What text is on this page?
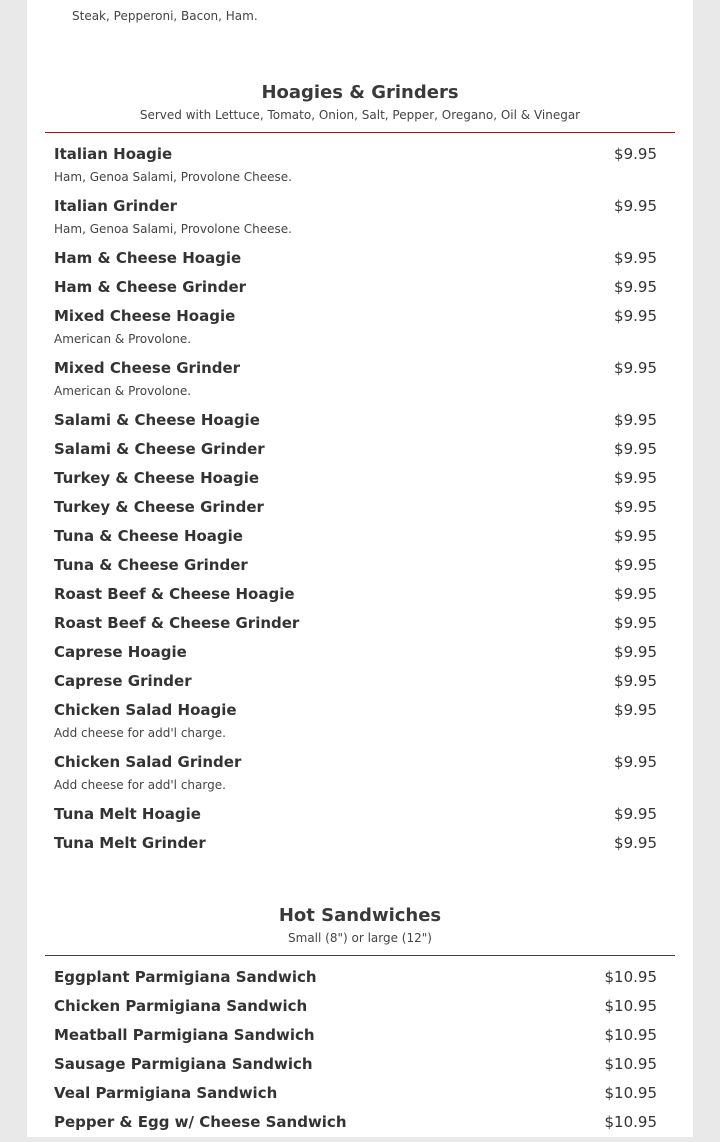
Steak, Pepperoni, Bacon, Ham.
Hoagies & Grinders
Served with Lettuce, Tomato, Onion, Salt, Pepper, Oregano, Oil & Vinegar
Italian Hoagie	$9.95
Ham, Genoa Salami, Provolone Cheese.
Italian Grinder	$9.95
Ham, Genoa Salami, Provolone Cheese.
Ham & Cheese Hoagie	$9.95
Ham & Cheese Grinder	$9.95
Mixed Cheese Hoagie	$9.95
American & Provolone.
Mixed Cheese Grinder	$9.95
American & Provolone.
Salami & Cheese Hoagie	$9.95
Salami & Cheese Grinder	$9.95
Turkey & Cheese Hoagie	$9.95
Turkey & Cheese Grinder	$9.95
Tuna & Cheese Hoagie	$9.95
Tuna & Cheese Grinder	$9.95
Roast Beef & Cheese Hoagie	$9.95
Roast Beef & Cheese Grinder	$9.95
Caprese Hoagie	$9.95
Caprese Grinder	$9.95
Chicken Salad Hoagie	$9.95
Add cheese for add'l charge.
Chicken Salad Grinder	$9.95
Add cheese for add'l charge.
Tuna Melt Hoagie	$9.95
Tuna Melt Grinder	$9.95
Hot Sandwiches
Small (8") or large (12")
Eggplant Parmigiana Sandwich	$10.95
Chicken Parmigiana Sandwich	$10.95
Meatball Parmigiana Sandwich	$10.95
Sausage Parmigiana Sandwich	$10.95
Veal Parmigiana Sandwich	$10.95
Pepper & Egg w/ Cheese Sandwich	$10.95
